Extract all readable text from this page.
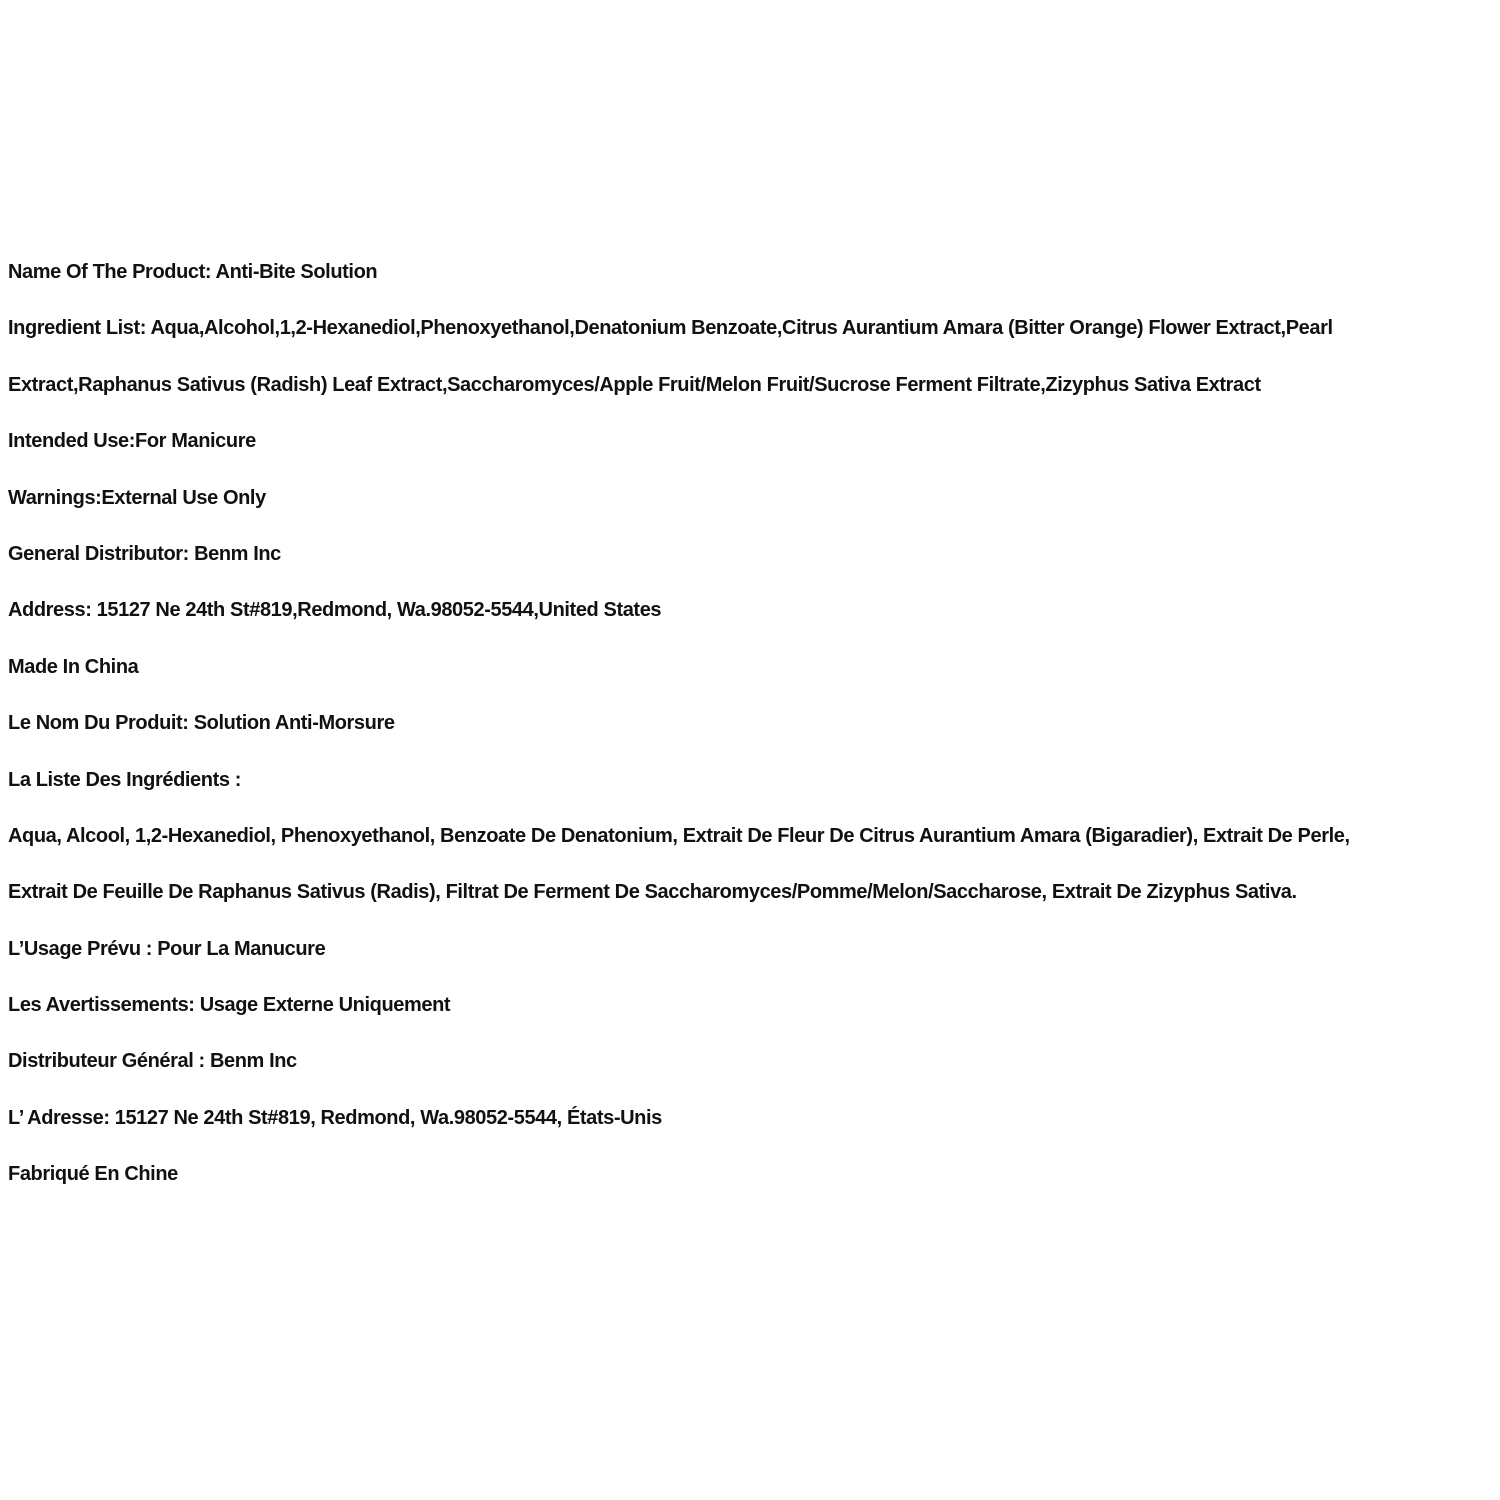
Name Of The Product: Anti-Bite Solution
Ingredient List: Aqua,Alcohol,1,2-Hexanediol,Phenoxyethanol,Denatonium Benzoate,Citrus Aurantium Amara (Bitter Orange) Flower Extract,Pearl
Extract,Raphanus Sativus (Radish) Leaf Extract,Saccharomyces/Apple Fruit/Melon Fruit/Sucrose Ferment Filtrate,Zizyphus Sativa Extract
Intended Use:For Manicure
Warnings:External Use Only
General Distributor: Benm Inc
Address: 15127 Ne 24th St#819,Redmond, Wa.98052-5544,United States
Made In China
Le Nom Du Produit: Solution Anti-Morsure
La Liste Des Ingrédients :
Aqua, Alcool, 1,2-Hexanediol, Phenoxyethanol, Benzoate De Denatonium, Extrait De Fleur De Citrus Aurantium Amara (Bigaradier), Extrait De Perle,
Extrait De Feuille De Raphanus Sativus (Radis), Filtrat De Ferment De Saccharomyces/Pomme/Melon/Saccharose, Extrait De Zizyphus Sativa.
L’Usage Prévu : Pour La Manucure
Les Avertissements: Usage Externe Uniquement
Distributeur Général : Benm Inc
L’ Adresse: 15127 Ne 24th St#819, Redmond, Wa.98052-5544, États-Unis
Fabriqué En Chine
